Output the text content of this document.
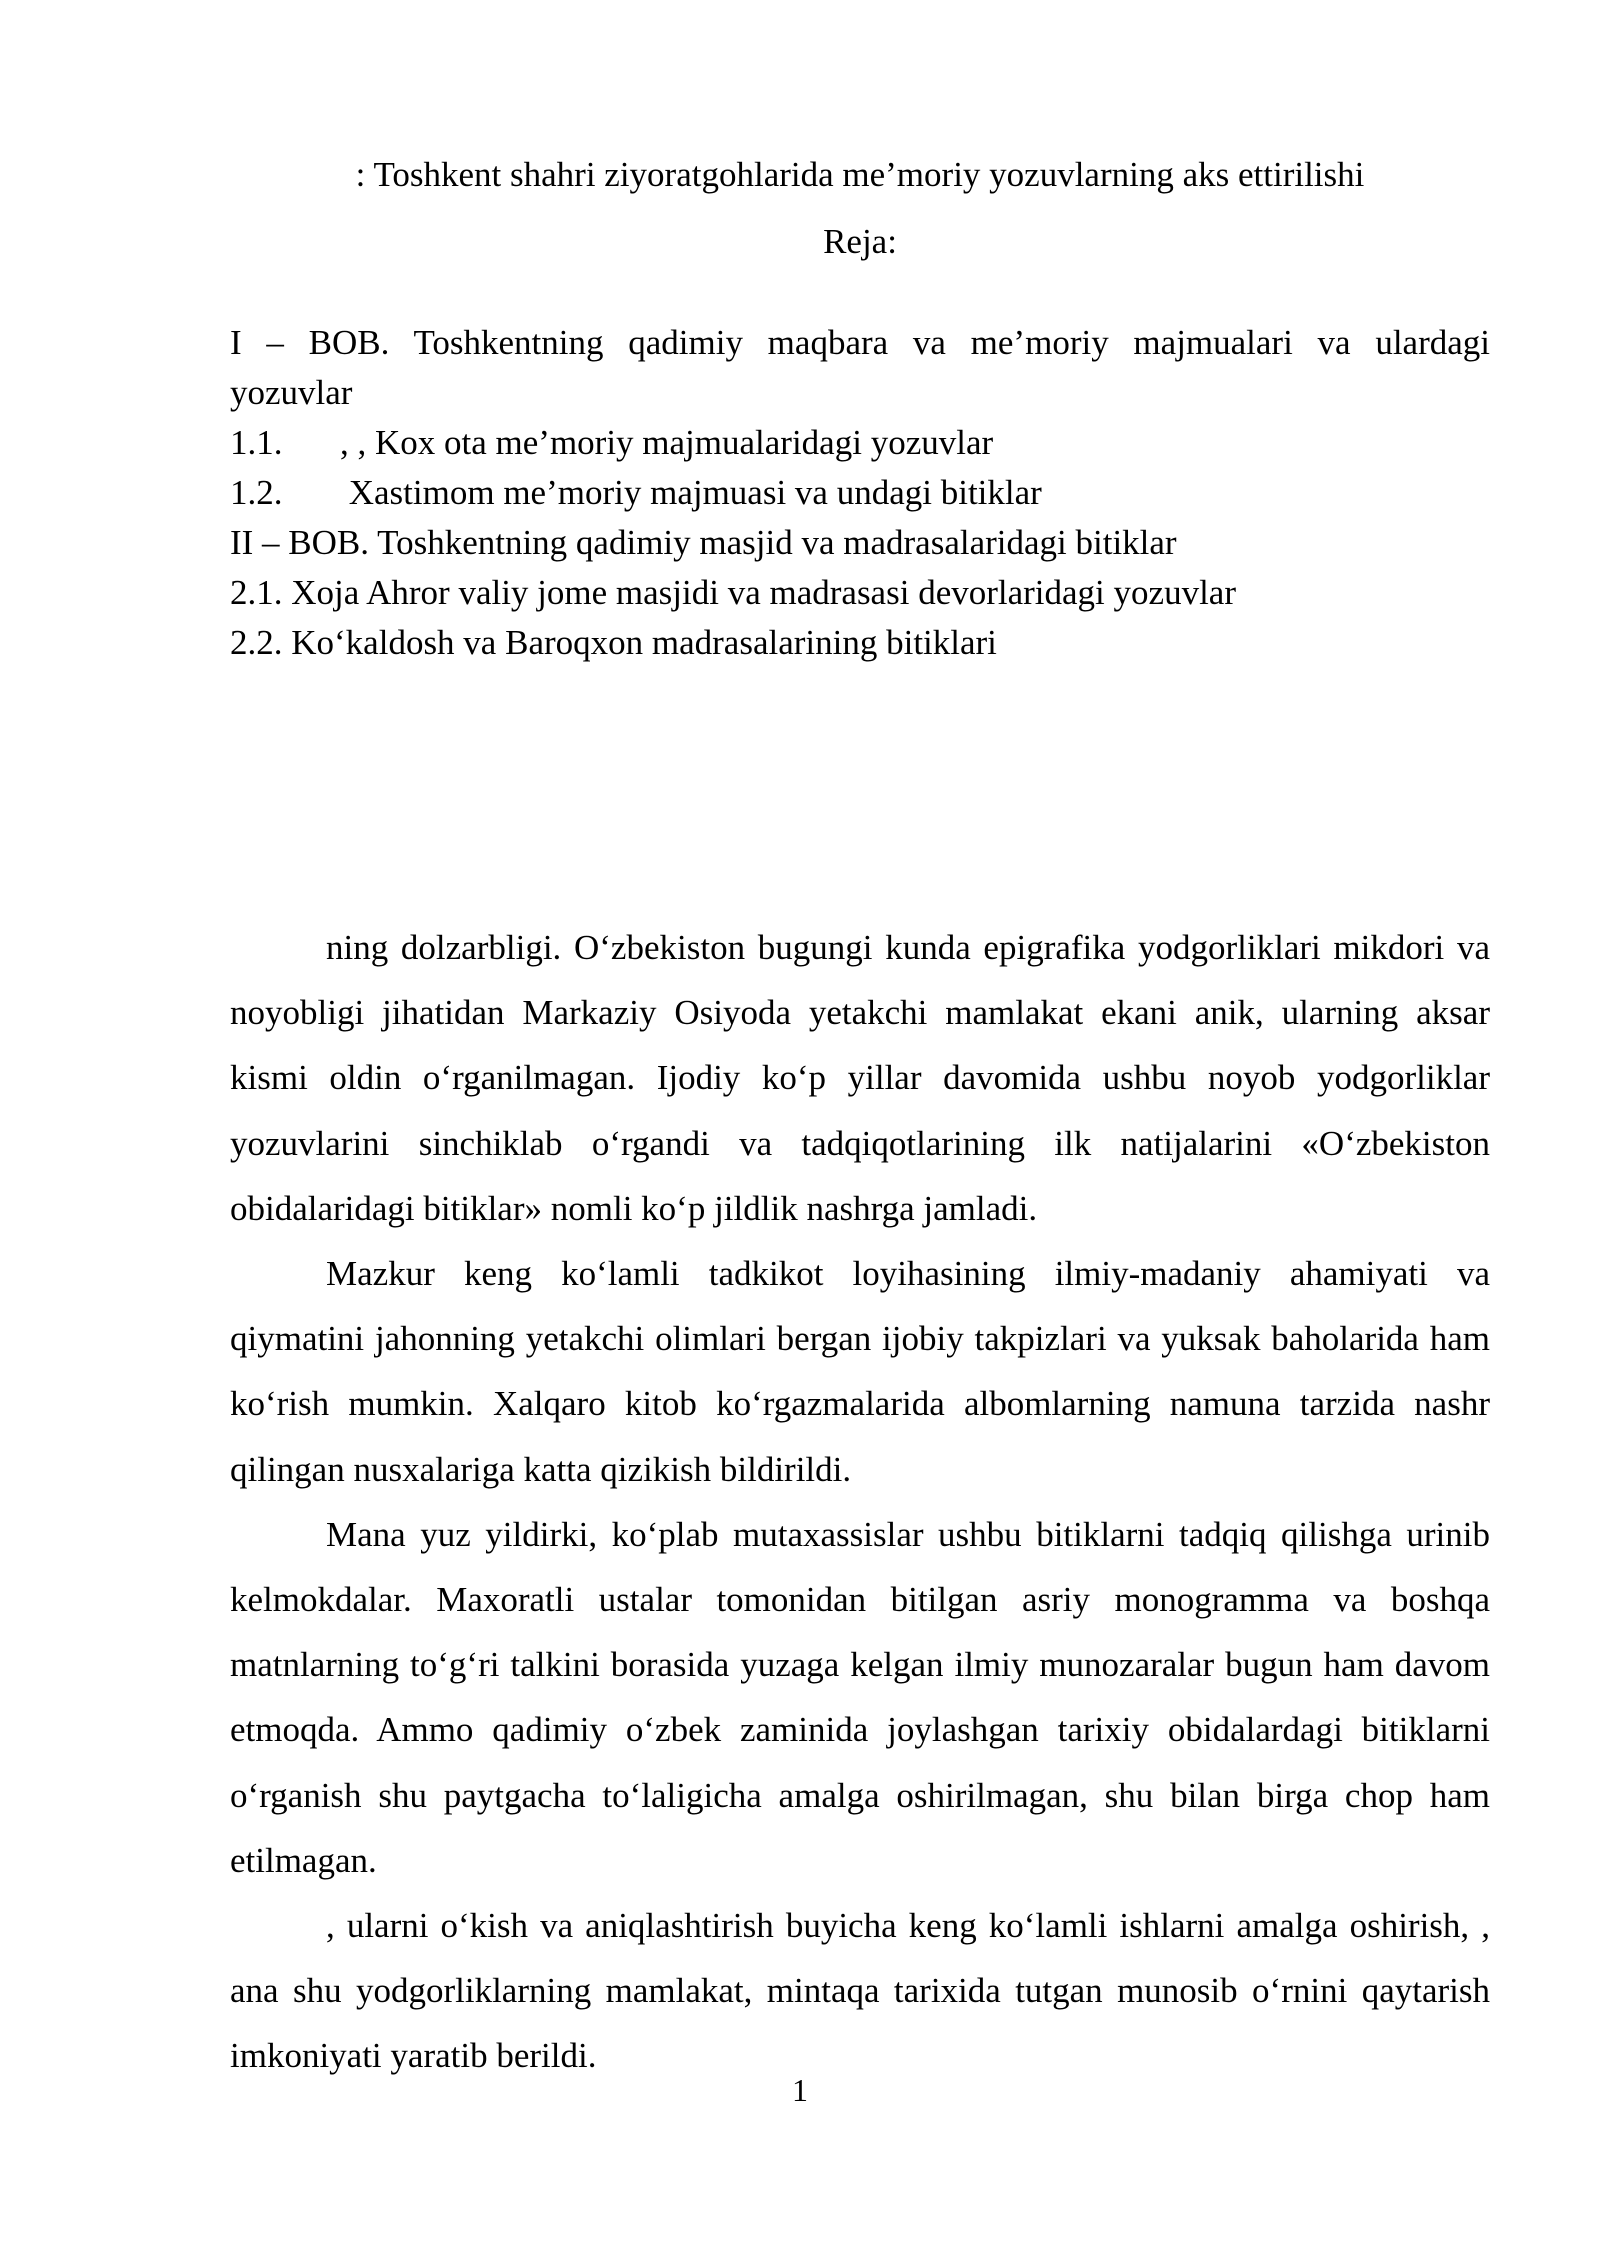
: Toshkent shahri ziyoratgohlarida me’moriy yozuvlarning aks ettirilishi
Reja:

I – BOB. Toshkentning qadimiy maqbara va me’moriy majmualari va ulardagi

yozuvlar

1.1. , , Kox ota me’moriy majmualaridagi yozuvlar

1.2. Xastimom me’moriy majmuasi va undagi bitiklar

II – BOB. Toshkentning qadimiy masjid va madrasalaridagi bitiklar

2.1. Xoja Ahror valiy jome masjidi va madrasasi devorlaridagi yozuvlar

2.2. Ko‘kaldosh va Baroqxon madrasalarining bitiklari

ning dolzarbligi. O‘zbekiston bugungi kunda epigrafika yodgorliklari mikdori va noyobligi jihatidan Markaziy Osiyoda yetakchi mamlakat ekani anik, ularning aksar kismi oldin o‘rganilmagan. Ijodiy ko‘p yillar davomida ushbu noyob yodgorliklar yozuvlarini sinchiklab o‘rgandi va tadqiqotlarining ilk natijalarini «O‘zbekiston obidalaridagi bitiklar» nomli ko‘p jildlik nashrga jamladi.

Mazkur keng ko‘lamli tadkikot loyihasining ilmiy-madaniy ahamiyati va qiymatini jahonning yetakchi olimlari bergan ijobiy takpizlari va yuksak baholarida ham ko‘rish mumkin. Xalqaro kitob ko‘rgazmalarida albomlarning namuna tarzida nashr qilingan nusxalariga katta qizikish bildirildi.

Mana yuz yildirki, ko‘plab mutaxassislar ushbu bitiklarni tadqiq qilishga urinib kelmokdalar. Maxoratli ustalar tomonidan bitilgan asriy monogramma va boshqa matnlarning to‘g‘ri talkini borasida yuzaga kelgan ilmiy munozaralar bugun ham davom etmoqda. Ammo qadimiy o‘zbek zaminida joylashgan tarixiy obidalardagi bitiklarni o‘rganish shu paytgacha to‘laligicha amalga oshirilmagan, shu bilan birga chop ham etilmagan.

, ularni o‘kish va aniqlashtirish buyicha keng ko‘lamli ishlarni amalga oshirish, , ana shu yodgorliklarning mamlakat, mintaqa tarixida tutgan munosib o‘rnini qaytarish imkoniyati yaratib berildi.

1
